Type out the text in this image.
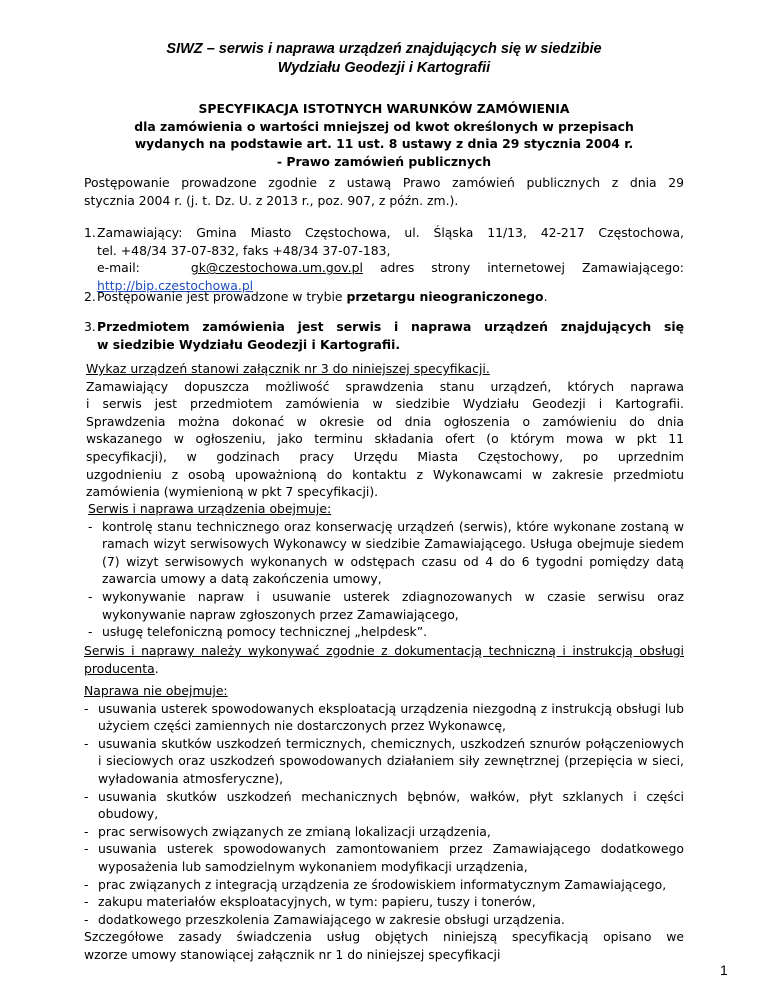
SIWZ – serwis i naprawa urządzeń znajdujących się w siedzibie
Wydziału Geodezji i Kartografii
SPECYFIKACJA ISTOTNYCH WARUNKÓW ZAMÓWIENIA
dla zamówienia o wartości mniejszej od kwot określonych w przepisach
wydanych na podstawie art. 11 ust. 8 ustawy z dnia 29 stycznia 2004 r.
- Prawo zamówień publicznych
Postępowanie prowadzone zgodnie z ustawą Prawo zamówień publicznych z dnia 29
stycznia 2004 r. (j. t. Dz. U. z 2013 r., poz. 907, z późn. zm.).
1. Zamawiający: Gmina Miasto Częstochowa, ul. Śląska 11/13, 42-217 Częstochowa,
tel. +48/34 37-07-832, faks +48/34 37-07-183,
e-mail:	gk@czestochowa.um.gov.pl adres strony internetowej Zamawiającego:
http://bip.czestochowa.pl
2. Postępowanie jest prowadzone w trybie przetargu nieograniczonego.
3. Przedmiotem zamówienia jest serwis i naprawa urządzeń znajdujących się
w siedzibie Wydziału Geodezji i Kartografii.
Wykaz urządzeń stanowi załącznik nr 3 do niniejszej specyfikacji.
Zamawiający dopuszcza możliwość sprawdzenia stanu urządzeń, których naprawa
i serwis jest przedmiotem zamówienia w siedzibie Wydziału Geodezji i Kartografii.
Sprawdzenia można dokonać w okresie od dnia ogłoszenia o zamówieniu do dnia
wskazanego w ogłoszeniu, jako terminu składania ofert (o którym mowa w pkt 11
specyfikacji), w godzinach pracy Urzędu Miasta Częstochowy, po uprzednim
uzgodnieniu z osobą upoważnioną do kontaktu z Wykonawcami w zakresie przedmiotu
zamówienia (wymienioną w pkt 7 specyfikacji).
Serwis i naprawa urządzenia obejmuje:
- kontrolę stanu technicznego oraz konserwację urządzeń (serwis), które wykonane zostaną w ramach wizyt serwisowych Wykonawcy w siedzibie Zamawiającego. Usługa obejmuje siedem (7) wizyt serwisowych wykonanych w odstępach czasu od 4 do 6 tygodni pomiędzy datą zawarcia umowy a datą zakończenia umowy,
- wykonywanie napraw i usuwanie usterek zdiagnozowanych w czasie serwisu oraz wykonywanie napraw zgłoszonych przez Zamawiającego,
- usługę telefoniczną pomocy technicznej „helpdesk”.
Serwis i naprawy należy wykonywać zgodnie z dokumentacją techniczną i instrukcją obsługi producenta.
Naprawa nie obejmuje:
- usuwania usterek spowodowanych eksploatacją urządzenia niezgodną z instrukcją obsługi lub użyciem części zamiennych nie dostarczonych przez Wykonawcę,
- usuwania skutków uszkodzeń termicznych, chemicznych, uszkodzeń sznurów połączeniowych i sieciowych oraz uszkodzeń spowodowanych działaniem siły zewnętrznej (przepięcia w sieci, wyładowania atmosferyczne),
- usuwania skutków uszkodzeń mechanicznych bębnów, wałków, płyt szklanych i części obudowy,
- prac serwisowych związanych ze zmianą lokalizacji urządzenia,
- usuwania usterek spowodowanych zamontowaniem przez Zamawiającego dodatkowego wyposażenia lub samodzielnym wykonaniem modyfikacji urządzenia,
- prac związanych z integracją urządzenia ze środowiskiem informatycznym Zamawiającego,
- zakupu materiałów eksploatacyjnych, w tym: papieru, tuszy i tonerów,
- dodatkowego przeszkolenia Zamawiającego w zakresie obsługi urządzenia.
Szczegółowe zasady świadczenia usług objętych niniejszą specyfikacją opisano we
wzorze umowy stanowiącej załącznik nr 1 do niniejszej specyfikacji
1
